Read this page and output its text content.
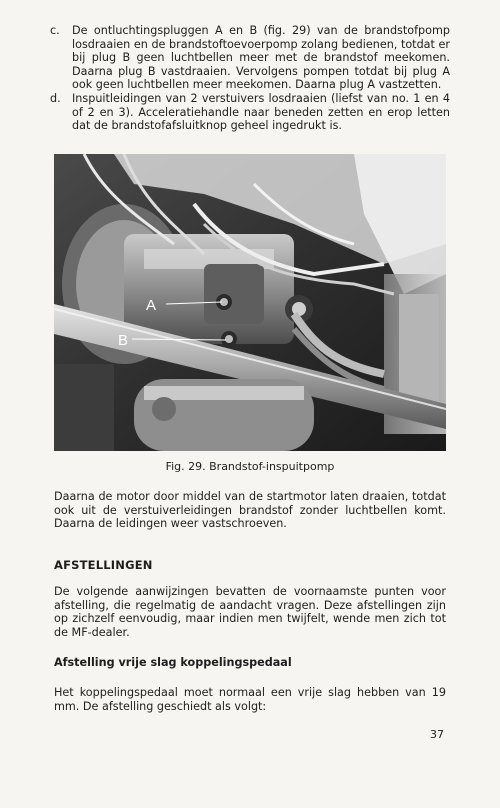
c.	De ontluchtingspluggen A en B (fig. 29) van de brandstofpomp losdraaien en de brandstoftoevoerpomp zolang bedienen, totdat er bij plug B geen luchtbellen meer met de brandstof meekomen. Daarna plug B vastdraaien. Vervolgens pompen totdat bij plug A ook geen luchtbellen meer meekomen. Daarna plug A vastzetten.
d.	Inspuitleidingen van 2 verstuivers losdraaien (liefst van no. 1 en 4 of 2 en 3). Acceleratiehandle naar beneden zetten en erop letten dat de brandstofafsluitknop geheel ingedrukt is.
A
B
Fig. 29. Brandstof-inspuitpomp

Daarna de motor door middel van de startmotor laten draaien, totdat ook uit de verstuiverleidingen brandstof zonder luchtbellen komt. Daarna de leidingen weer vastschroeven.

AFSTELLINGEN

De volgende aanwijzingen bevatten de voornaamste punten voor afstelling, die regelmatig de aandacht vragen. Deze afstellingen zijn op zichzelf eenvoudig, maar indien men twijfelt, wende men zich tot de MF-dealer.

Afstelling vrije slag koppelingspedaal

Het koppelingspedaal moet normaal een vrije slag hebben van 19 mm. De afstelling geschiedt als volgt:

37
